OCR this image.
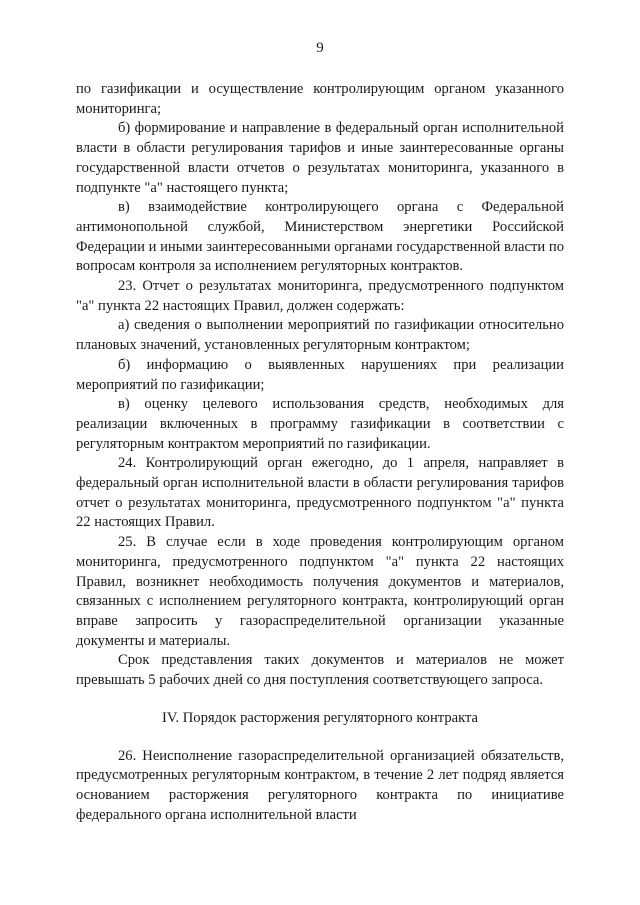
9

по газификации и осуществление контролирующим органом указанного мониторинга;

б) формирование и направление в федеральный орган исполнительной власти в области регулирования тарифов и иные заинтересованные органы государственной власти отчетов о результатах мониторинга, указанного в подпункте "а" настоящего пункта;

в) взаимодействие контролирующего органа с Федеральной антимонопольной службой, Министерством энергетики Российской Федерации и иными заинтересованными органами государственной власти по вопросам контроля за исполнением регуляторных контрактов.

23. Отчет о результатах мониторинга, предусмотренного подпунктом "а" пункта 22 настоящих Правил, должен содержать:

а) сведения о выполнении мероприятий по газификации относительно плановых значений, установленных регуляторным контрактом;

б) информацию о выявленных нарушениях при реализации мероприятий по газификации;

в) оценку целевого использования средств, необходимых для реализации включенных в программу газификации в соответствии с регуляторным контрактом мероприятий по газификации.

24. Контролирующий орган ежегодно, до 1 апреля, направляет в федеральный орган исполнительной власти в области регулирования тарифов отчет о результатах мониторинга, предусмотренного подпунктом "а" пункта 22 настоящих Правил.

25. В случае если в ходе проведения контролирующим органом мониторинга, предусмотренного подпунктом "а" пункта 22 настоящих Правил, возникнет необходимость получения документов и материалов, связанных с исполнением регуляторного контракта, контролирующий орган вправе запросить у газораспределительной организации указанные документы и материалы.

Срок представления таких документов и материалов не может превышать 5 рабочих дней со дня поступления соответствующего запроса.

IV. Порядок расторжения регуляторного контракта

26. Неисполнение газораспределительной организацией обязательств, предусмотренных регуляторным контрактом, в течение 2 лет подряд является основанием расторжения регуляторного контракта по инициативе федерального органа исполнительной власти
